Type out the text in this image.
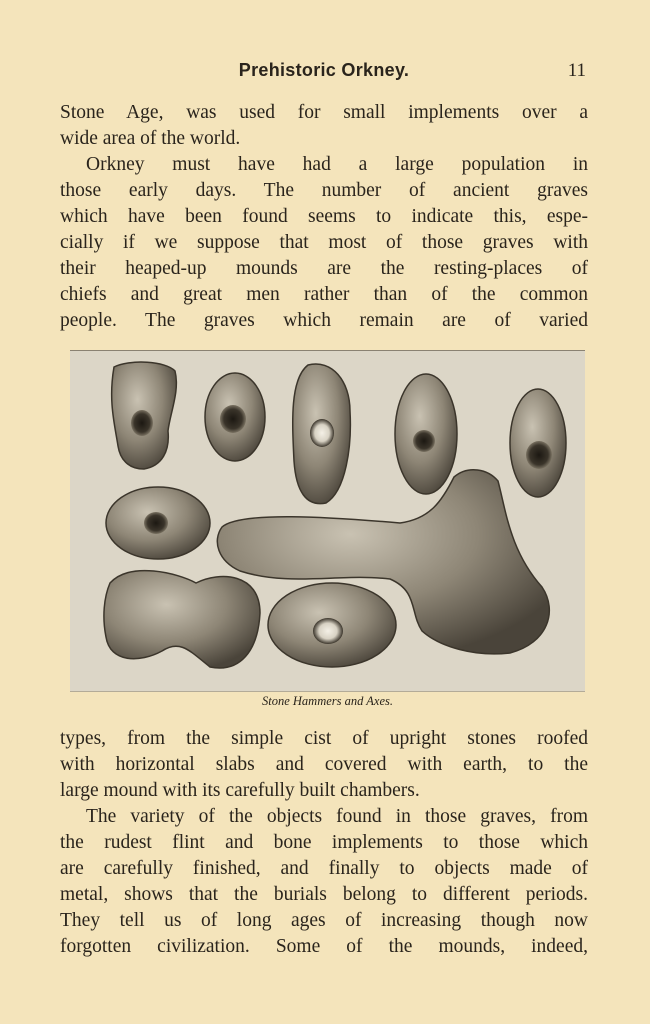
Prehistoric Orkney.	11
Stone Age, was used for small implements over a
wide area of the world.
Orkney must have had a large population in
those early days. The number of ancient graves
which have been found seems to indicate this, espe-
cially if we suppose that most of those graves with
their heaped-up mounds are the resting-places of
chiefs and great men rather than of the common
people. The graves which remain are of varied
Stone Hammers and Axes.
types, from the simple cist of upright stones roofed
with horizontal slabs and covered with earth, to the
large mound with its carefully built chambers.
The variety of the objects found in those graves, from
the rudest flint and bone implements to those which
are carefully finished, and finally to objects made of
metal, shows that the burials belong to different periods.
They tell us of long ages of increasing though now
forgotten civilization. Some of the mounds, indeed,
